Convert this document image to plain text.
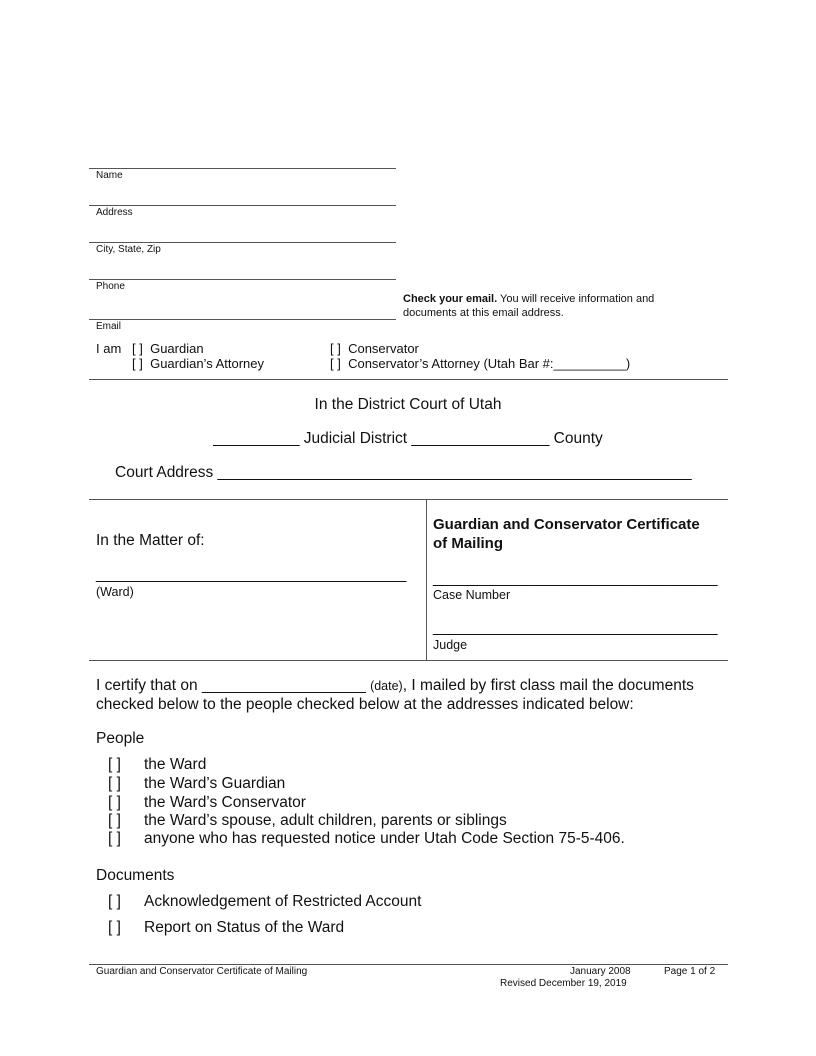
Name
Address
City, State, Zip
Phone
Email
Check your email. You will receive information and
documents at this email address.
I am [ ] Guardian
[ ] Guardian’s Attorney
[ ] Conservator
[ ] Conservator’s Attorney (Utah Bar #:__________)
In the District Court of Utah
__________ Judicial District ________________ County
Court Address _______________________________________________________
In the Matter of:
____________________________________
(Ward)
Guardian and Conservator Certificate
of Mailing
_________________________________
Case Number
_________________________________
Judge
I certify that on ___________________ (date), I mailed by first class mail the documents
checked below to the people checked below at the addresses indicated below:
People
[ ] the Ward
[ ] the Ward’s Guardian
[ ] the Ward’s Conservator
[ ] the Ward’s spouse, adult children, parents or siblings
[ ] anyone who has requested notice under Utah Code Section 75-5-406.
Documents
[ ] Acknowledgement of Restricted Account
[ ] Report on Status of the Ward
Guardian and Conservator Certificate of Mailing	January 2008
Revised December 19, 2019
Page 1 of 2
